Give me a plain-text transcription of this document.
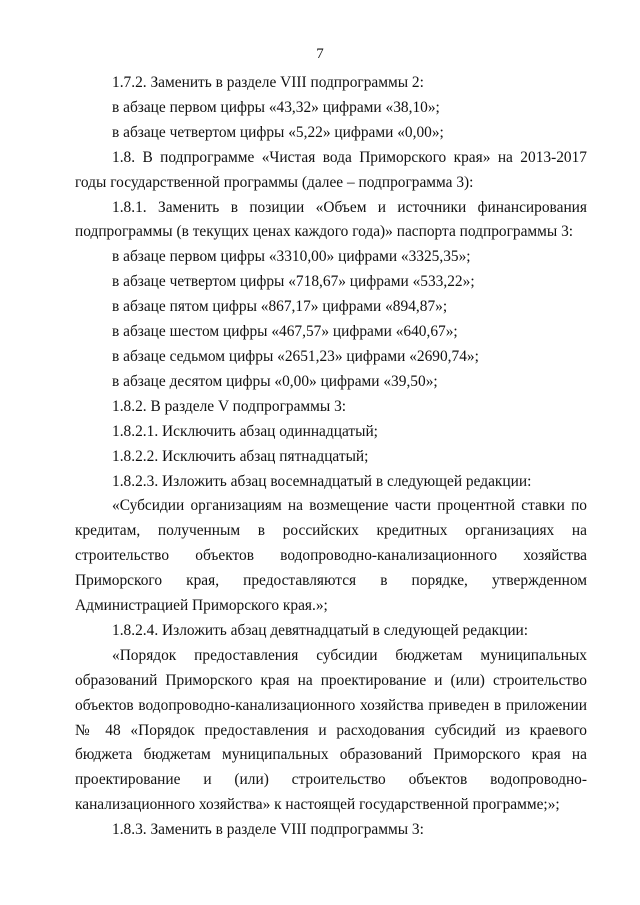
7

1.7.2. Заменить в разделе VIII подпрограммы 2:

в абзаце первом цифры «43,32» цифрами «38,10»;

в абзаце четвертом цифры «5,22» цифрами «0,00»;

1.8. В подпрограмме «Чистая вода Приморского края» на 2013-2017 годы государственной программы (далее – подпрограмма 3):

1.8.1. Заменить в позиции «Объем и источники финансирования подпрограммы (в текущих ценах каждого года)» паспорта подпрограммы 3:

в абзаце первом цифры «3310,00» цифрами «3325,35»;

в абзаце четвертом цифры «718,67» цифрами «533,22»;

в абзаце пятом цифры «867,17» цифрами «894,87»;

в абзаце шестом цифры «467,57» цифрами «640,67»;

в абзаце седьмом цифры «2651,23» цифрами «2690,74»;

в абзаце десятом цифры «0,00» цифрами «39,50»;

1.8.2. В разделе V подпрограммы 3:

1.8.2.1. Исключить абзац одиннадцатый;

1.8.2.2. Исключить абзац пятнадцатый;

1.8.2.3. Изложить абзац восемнадцатый в следующей редакции:

«Субсидии организациям на возмещение части процентной ставки по кредитам, полученным в российских кредитных организациях на строительство объектов водопроводно-канализационного хозяйства Приморского края, предоставляются в порядке, утвержденном Администрацией Приморского края.»;

1.8.2.4. Изложить абзац девятнадцатый в следующей редакции:

«Порядок предоставления субсидии бюджетам муниципальных образований Приморского края на проектирование и (или) строительство объектов водопроводно-канализационного хозяйства приведен в приложении № 48 «Порядок предоставления и расходования субсидий из краевого бюджета бюджетам муниципальных образований Приморского края на проектирование и (или) строительство объектов водопроводно-канализационного хозяйства» к настоящей государственной программе;»;

1.8.3. Заменить в разделе VIII подпрограммы 3:
